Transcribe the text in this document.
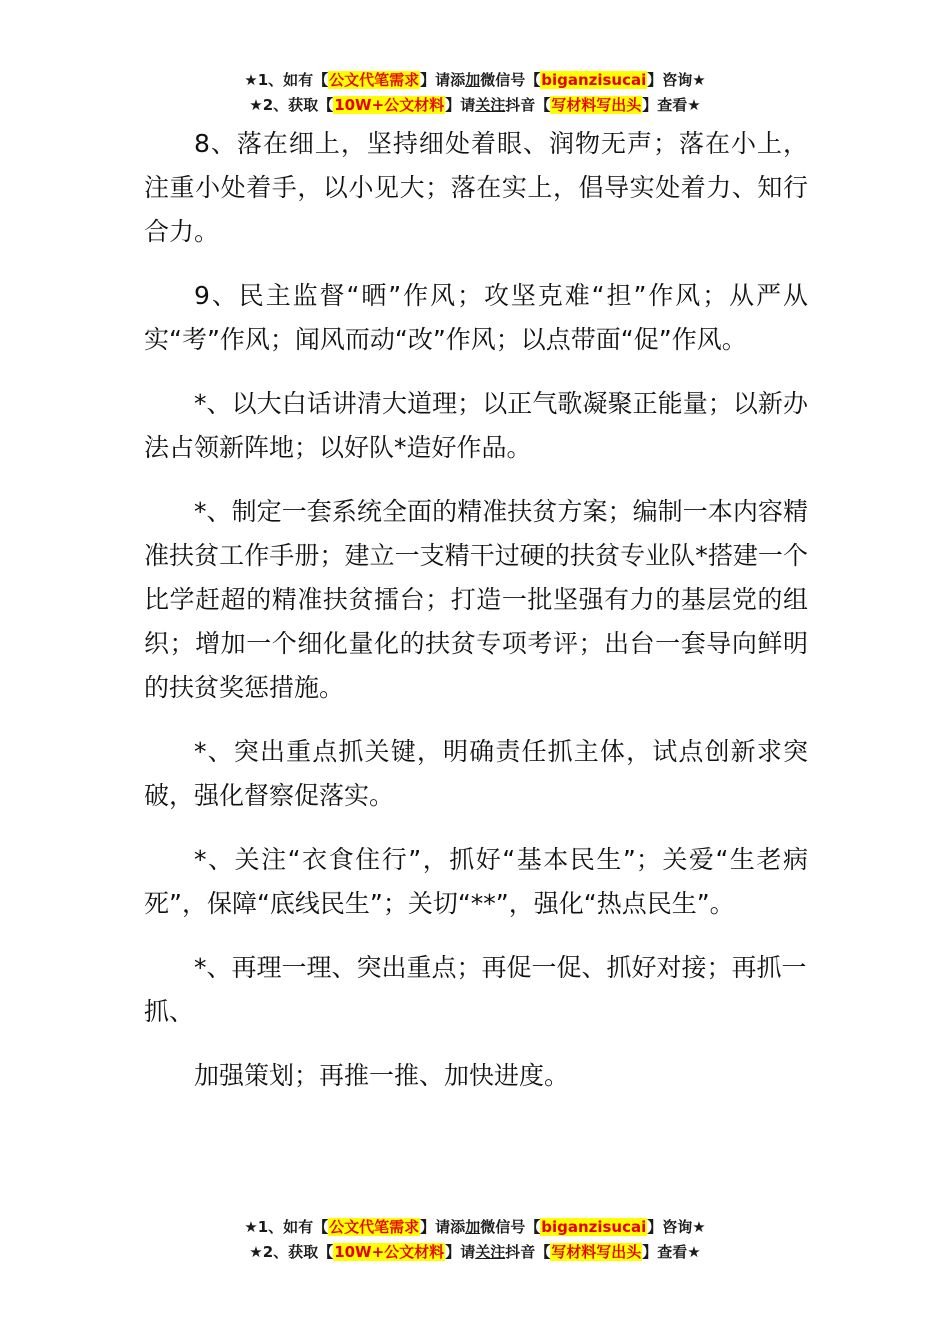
★1、如有【公文代笔需求】请添加微信号【biganzisucai】咨询★
★2、获取【10W+公文材料】请关注抖音【写材料写出头】查看★

8、落在细上，坚持细处着眼、润物无声；落在小上，注重小处着手，以小见大；落在实上，倡导实处着力、知行合力。

9、民主监督“晒”作风；攻坚克难“担”作风；从严从实“考”作风；闻风而动“改”作风；以点带面“促”作风。

*、以大白话讲清大道理；以正气歌凝聚正能量；以新办法占领新阵地；以好队*造好作品。

*、制定一套系统全面的精准扶贫方案；编制一本内容精准扶贫工作手册；建立一支精干过硬的扶贫专业队*搭建一个比学赶超的精准扶贫擂台；打造一批坚强有力的基层党的组织；增加一个细化量化的扶贫专项考评；出台一套导向鲜明的扶贫奖惩措施。

*、突出重点抓关键，明确责任抓主体，试点创新求突破，强化督察促落实。

*、关注“衣食住行”，抓好“基本民生”；关爱“生老病死”，保障“底线民生”；关切“**”，强化“热点民生”。

*、再理一理、突出重点；再促一促、抓好对接；再抓一抓、

加强策划；再推一推、加快进度。

★1、如有【公文代笔需求】请添加微信号【biganzisucai】咨询★
★2、获取【10W+公文材料】请关注抖音【写材料写出头】查看★
